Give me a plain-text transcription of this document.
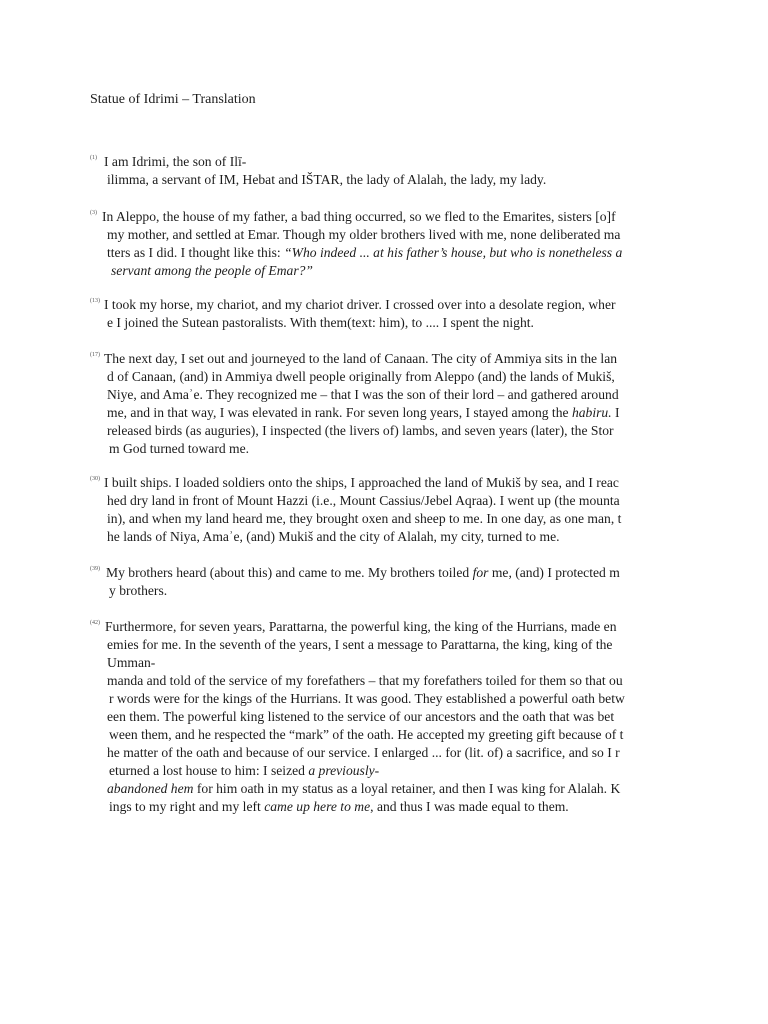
Statue of Idrimi – Translation
(1) I am Idrimi, the son of Ilī-
ilimma, a servant of IM, Hebat and IŠTAR, the lady of Alalah, the lady, my lady.
(3) In Aleppo, the house of my father, a bad thing occurred, so we fled to the Emarites, sisters [o]f
my mother, and settled at Emar. Though my older brothers lived with me, none deliberated ma
tters as I did. I thought like this: “Who indeed ... at his father’s house, but who is nonetheless a
servant among the people of Emar?”
(13) I took my horse, my chariot, and my chariot driver. I crossed over into a desolate region, wher
e I joined the Sutean pastoralists. With them(text: him), to .... I spent the night.
(17) The next day, I set out and journeyed to the land of Canaan. The city of Ammiya sits in the lan
d of Canaan, (and) in Ammiya dwell people originally from Aleppo (and) the lands of Mukiš,
Niye, and Amaʾe. They recognized me – that I was the son of their lord – and gathered around
me, and in that way, I was elevated in rank. For seven long years, I stayed among the habiru. I
released birds (as auguries), I inspected (the livers of) lambs, and seven years (later), the Stor
m God turned toward me.
(30) I built ships. I loaded soldiers onto the ships, I approached the land of Mukiš by sea, and I reac
hed dry land in front of Mount Hazzi (i.e., Mount Cassius/Jebel Aqraa). I went up (the mounta
in), and when my land heard me, they brought oxen and sheep to me. In one day, as one man, t
he lands of Niya, Amaʾe, (and) Mukiš and the city of Alalah, my city, turned to me.
(39) My brothers heard (about this) and came to me. My brothers toiled for me, (and) I protected m
y brothers.
(42) Furthermore, for seven years, Parattarna, the powerful king, the king of the Hurrians, made en
emies for me. In the seventh of the years, I sent a message to Parattarna, the king, king of the
Umman-
manda and told of the service of my forefathers – that my forefathers toiled for them so that ou
r words were for the kings of the Hurrians. It was good. They established a powerful oath betw
een them. The powerful king listened to the service of our ancestors and the oath that was bet
ween them, and he respected the “mark” of the oath. He accepted my greeting gift because of t
he matter of the oath and because of our service. I enlarged ... for (lit. of) a sacrifice, and so I r
eturned a lost house to him: I seized a previously-
abandoned hem for him oath in my status as a loyal retainer, and then I was king for Alalah. K
ings to my right and my left came up here to me, and thus I was made equal to them.
